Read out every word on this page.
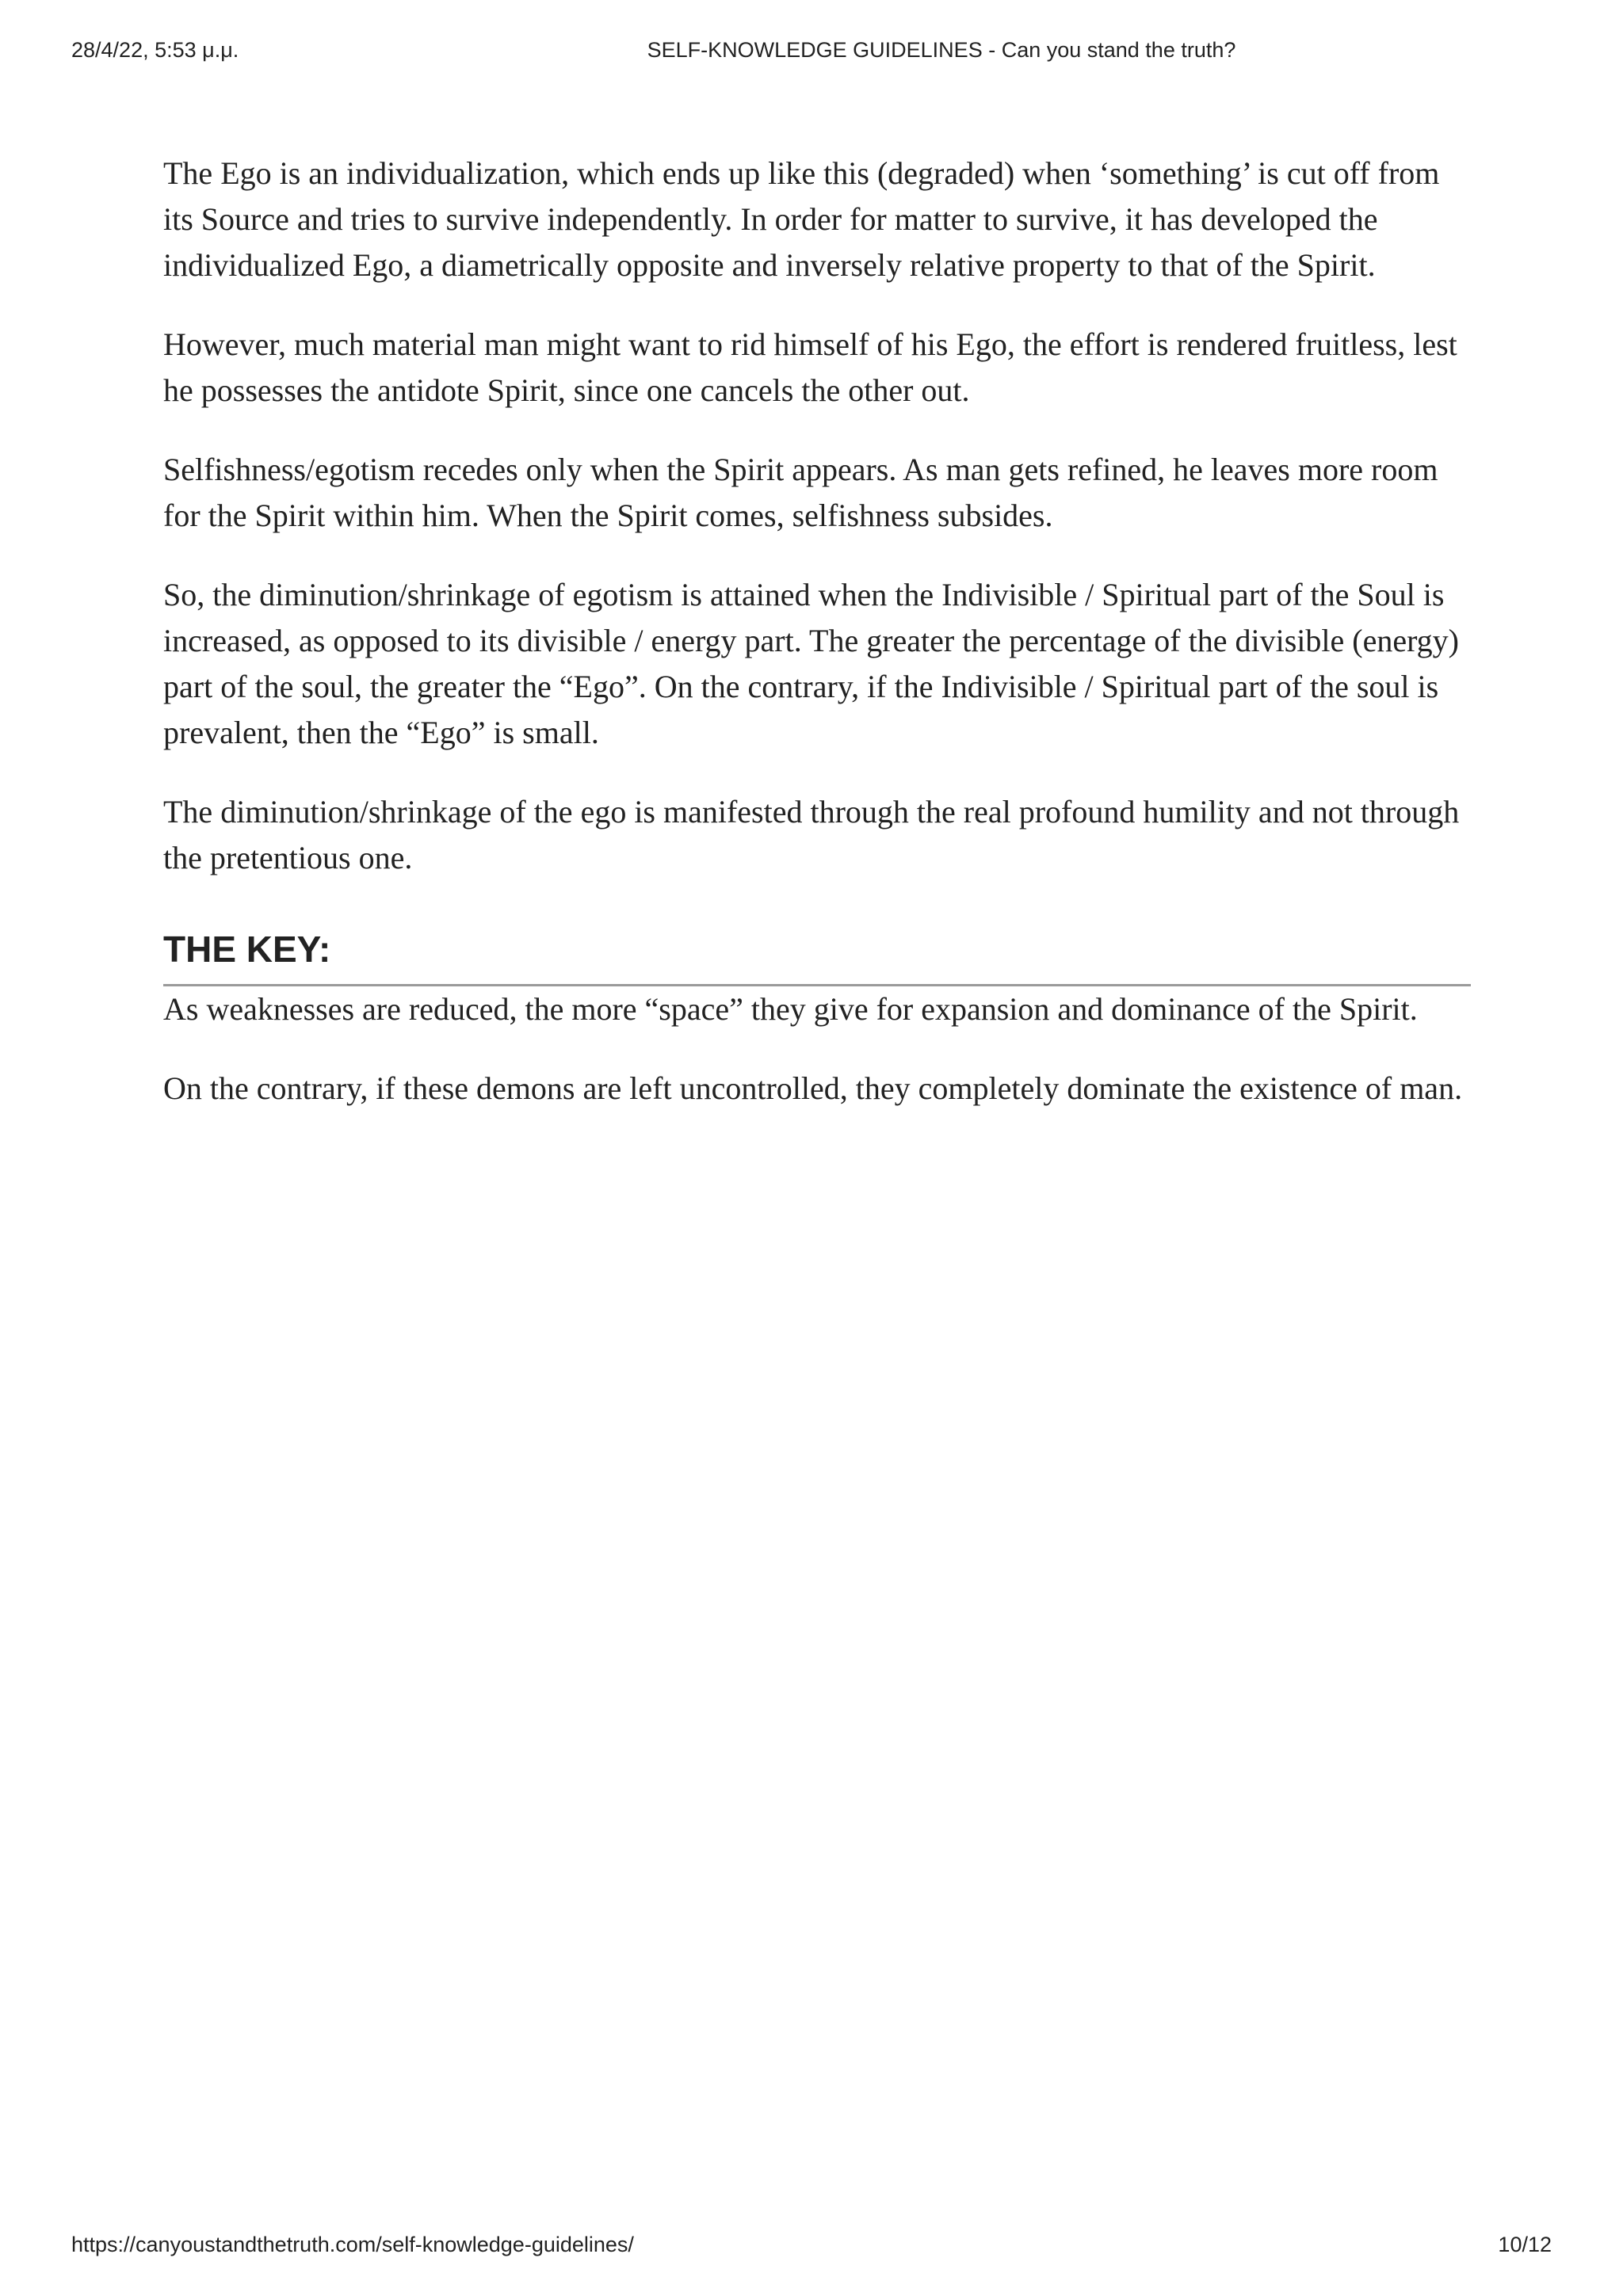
28/4/22, 5:53 μ.μ.	SELF-KNOWLEDGE GUIDELINES - Can you stand the truth?

The Ego is an individualization, which ends up like this (degraded) when ‘something’ is cut off from its Source and tries to survive independently. In order for matter to survive, it has developed the individualized Ego, a diametrically opposite and inversely relative property to that of the Spirit.

However, much material man might want to rid himself of his Ego, the effort is rendered fruitless, lest he possesses the antidote Spirit, since one cancels the other out.

Selfishness/egotism recedes only when the Spirit appears. As man gets refined, he leaves more room for the Spirit within him. When the Spirit comes, selfishness subsides.

So, the diminution/shrinkage of egotism is attained when the Indivisible / Spiritual part of the Soul is increased, as opposed to its divisible / energy part. The greater the percentage of the divisible (energy) part of the soul, the greater the “Ego”. On the contrary, if the Indivisible / Spiritual part of the soul is prevalent, then the “Ego” is small.

The diminution/shrinkage of the ego is manifested through the real profound humility and not through the pretentious one.

THE KEY:

As weaknesses are reduced, the more “space” they give for expansion and dominance of the Spirit.

On the contrary, if these demons are left uncontrolled, they completely dominate the existence of man.

https://canyoustandthetruth.com/self-knowledge-guidelines/	10/12
